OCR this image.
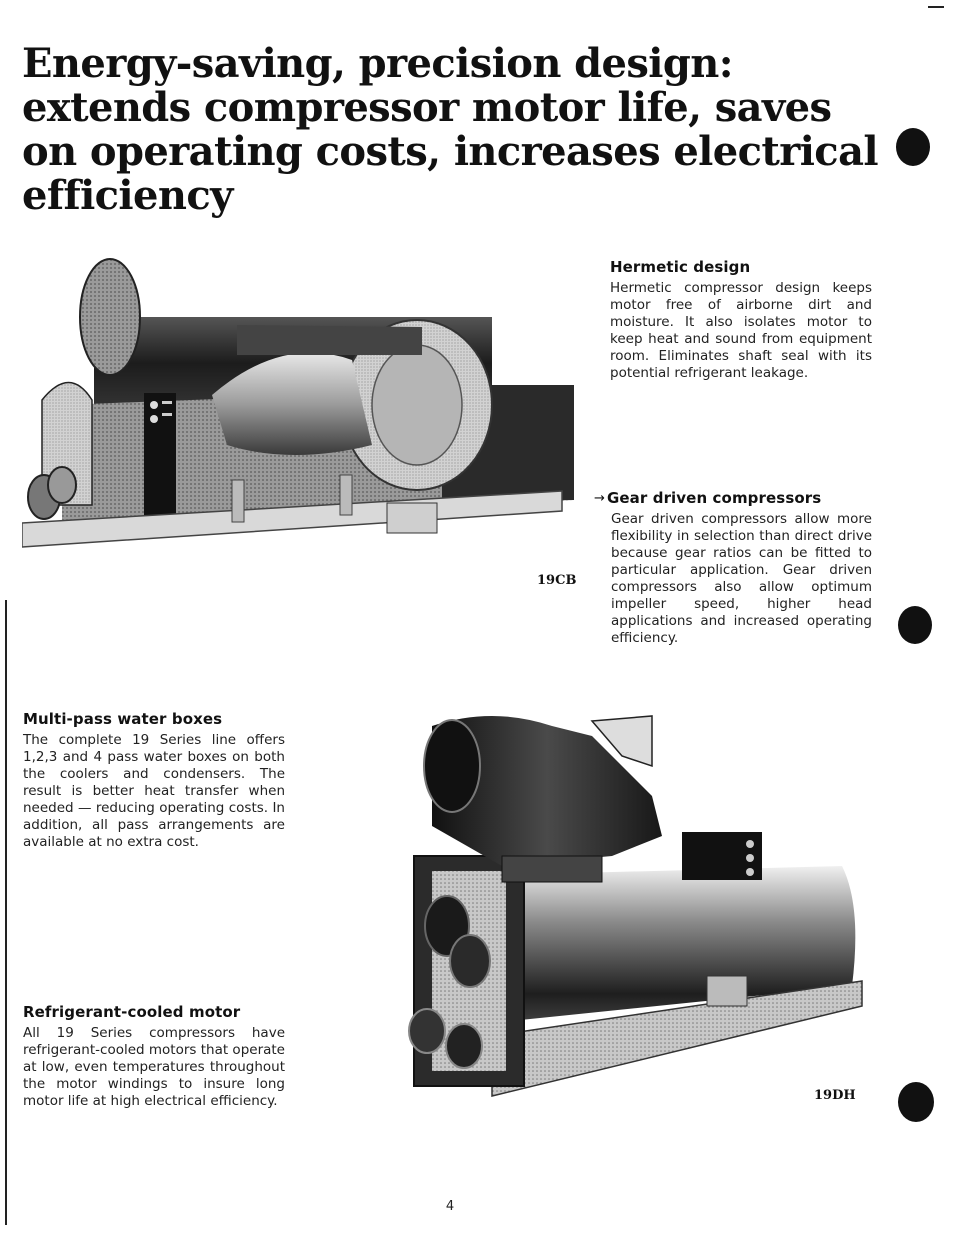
Energy-saving, precision design: extends compressor motor life, saves on operating costs, increases electrical efficiency
19CB
Hermetic design

Hermetic compressor design keeps motor free of airborne dirt and moisture. It also isolates motor to keep heat and sound from equipment room. Eliminates shaft seal with its potential refrigerant leakage.

→ Gear driven compressors

Gear driven compressors allow more flexibility in selection than direct drive because gear ratios can be fitted to particular application. Gear driven compressors also allow optimum impeller speed, higher head applications and increased operating efficiency.

Multi-pass water boxes

The complete 19 Series line offers 1,2,3 and 4 pass water boxes on both the coolers and condensers. The result is better heat transfer when needed — reducing operating costs. In addition, all pass arrangements are available at no extra cost.

Refrigerant-cooled motor

All 19 Series compressors have refrigerant-cooled motors that operate at low, even temperatures throughout the motor windings to insure long motor life at high electrical efficiency.	19DH
4
